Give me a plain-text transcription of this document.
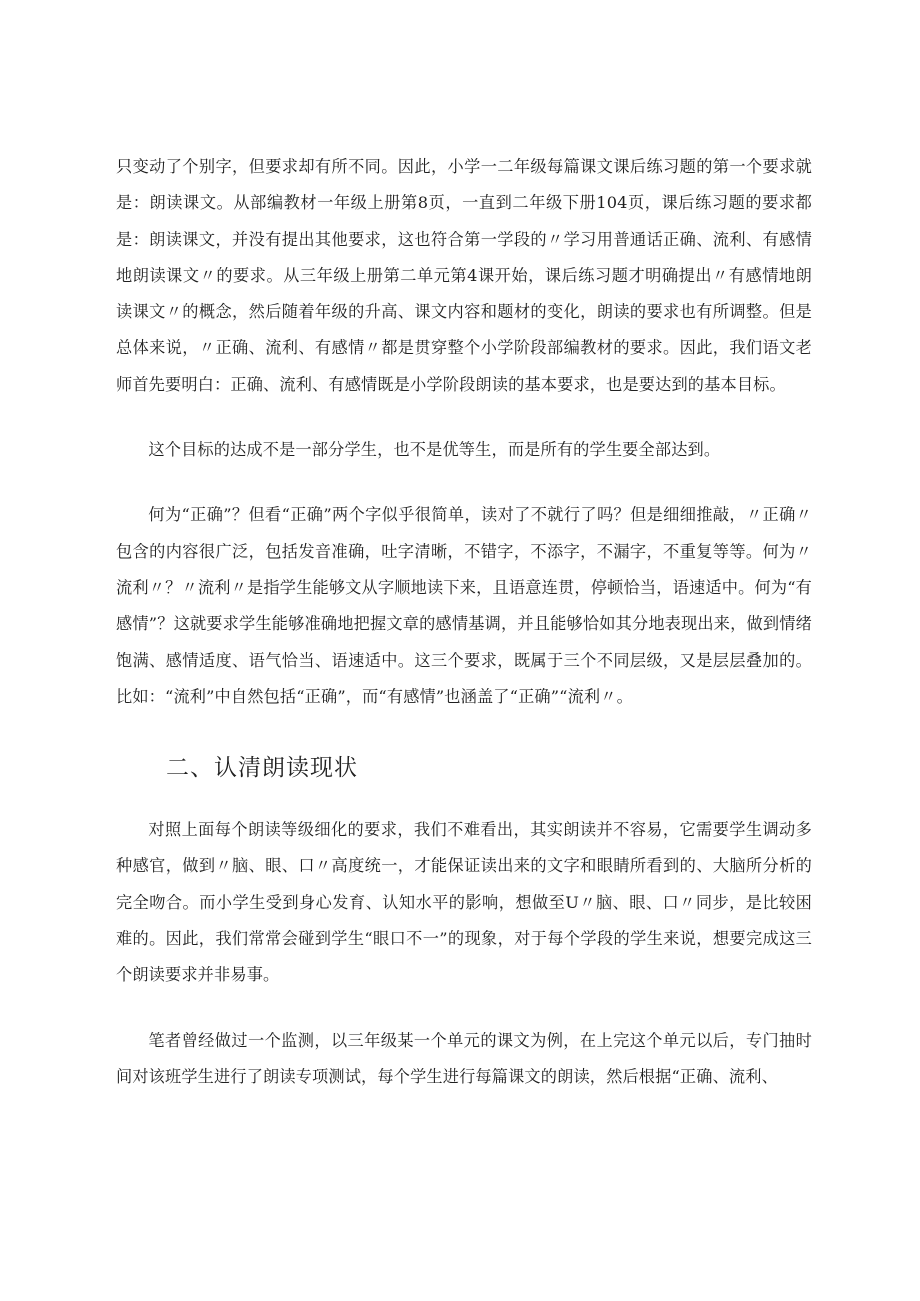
只变动了个别字，但要求却有所不同。因此，小学一二年级每篇课文课后练习题的第一个要求就是：朗读课文。从部编教材一年级上册第8页，一直到二年级下册104页，课后练习题的要求都是：朗读课文，并没有提出其他要求，这也符合第一学段的〃学习用普通话正确、流利、有感情地朗读课文〃的要求。从三年级上册第二单元第4课开始，课后练习题才明确提出〃有感情地朗读课文〃的概念，然后随着年级的升高、课文内容和题材的变化，朗读的要求也有所调整。但是总体来说，〃正确、流利、有感情〃都是贯穿整个小学阶段部编教材的要求。因此，我们语文老师首先要明白：正确、流利、有感情既是小学阶段朗读的基本要求，也是要达到的基本目标。

这个目标的达成不是一部分学生，也不是优等生，而是所有的学生要全部达到。

何为“正确”？但看“正确”两个字似乎很简单，读对了不就行了吗？但是细细推敲，〃正确〃包含的内容很广泛，包括发音准确，吐字清晰，不错字，不添字，不漏字，不重复等等。何为〃流利〃？〃流利〃是指学生能够文从字顺地读下来，且语意连贯，停顿恰当，语速适中。何为“有感情”？这就要求学生能够准确地把握文章的感情基调，并且能够恰如其分地表现出来，做到情绪饱满、感情适度、语气恰当、语速适中。这三个要求，既属于三个不同层级，又是层层叠加的。比如：“流利”中自然包括“正确”，而“有感情”也涵盖了“正确”“流利〃。

二、认清朗读现状

对照上面每个朗读等级细化的要求，我们不难看出，其实朗读并不容易，它需要学生调动多种感官，做到〃脑、眼、口〃高度统一，才能保证读出来的文字和眼睛所看到的、大脑所分析的完全吻合。而小学生受到身心发育、认知水平的影响，想做至U〃脑、眼、口〃同步，是比较困难的。因此，我们常常会碰到学生“眼口不一”的现象，对于每个学段的学生来说，想要完成这三个朗读要求并非易事。

笔者曾经做过一个监测，以三年级某一个单元的课文为例，在上完这个单元以后，专门抽时间对该班学生进行了朗读专项测试，每个学生进行每篇课文的朗读，然后根据“正确、流利、
